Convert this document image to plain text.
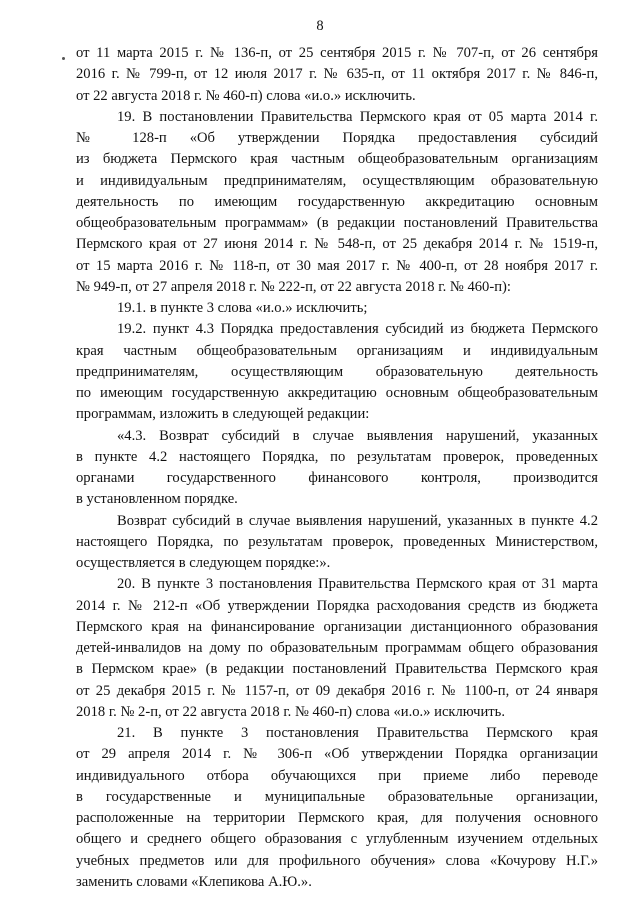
8
от 11 марта 2015 г. № 136-п, от 25 сентября 2015 г. № 707-п, от 26 сентября
2016 г. № 799-п, от 12 июля 2017 г. № 635-п, от 11 октября 2017 г. № 846-п,
от 22 августа 2018 г. № 460-п) слова «и.о.» исключить.
19. В постановлении Правительства Пермского края от 05 марта 2014 г.
№ 128-п «Об утверждении Порядка предоставления субсидий
из бюджета Пермского края частным общеобразовательным организациям
и индивидуальным предпринимателям, осуществляющим образовательную
деятельность по имеющим государственную аккредитацию основным
общеобразовательным программам» (в редакции постановлений Правительства
Пермского края от 27 июня 2014 г. № 548-п, от 25 декабря 2014 г. № 1519-п,
от 15 марта 2016 г. № 118-п, от 30 мая 2017 г. № 400-п, от 28 ноября 2017 г.
№ 949-п, от 27 апреля 2018 г. № 222-п, от 22 августа 2018 г. № 460-п):
19.1. в пункте 3 слова «и.о.» исключить;
19.2. пункт 4.3 Порядка предоставления субсидий из бюджета Пермского
края частным общеобразовательным организациям и индивидуальным
предпринимателям, осуществляющим образовательную деятельность
по имеющим государственную аккредитацию основным общеобразовательным
программам, изложить в следующей редакции:
«4.3. Возврат субсидий в случае выявления нарушений, указанных
в пункте 4.2 настоящего Порядка, по результатам проверок, проведенных
органами государственного финансового контроля, производится
в установленном порядке.
Возврат субсидий в случае выявления нарушений, указанных в пункте 4.2
настоящего Порядка, по результатам проверок, проведенных Министерством,
осуществляется в следующем порядке:».
20. В пункте 3 постановления Правительства Пермского края от 31 марта
2014 г. № 212-п «Об утверждении Порядка расходования средств из бюджета
Пермского края на финансирование организации дистанционного образования
детей-инвалидов на дому по образовательным программам общего образования
в Пермском крае» (в редакции постановлений Правительства Пермского края
от 25 декабря 2015 г. № 1157-п, от 09 декабря 2016 г. № 1100-п, от 24 января
2018 г. № 2-п, от 22 августа 2018 г. № 460-п) слова «и.о.» исключить.
21. В пункте 3 постановления Правительства Пермского края
от 29 апреля 2014 г. № 306-п «Об утверждении Порядка организации
индивидуального отбора обучающихся при приеме либо переводе
в государственные и муниципальные образовательные организации,
расположенные на территории Пермского края, для получения основного
общего и среднего общего образования с углубленным изучением отдельных
учебных предметов или для профильного обучения» слова «Кочурову Н.Г.»
заменить словами «Клепикова А.Ю.».
